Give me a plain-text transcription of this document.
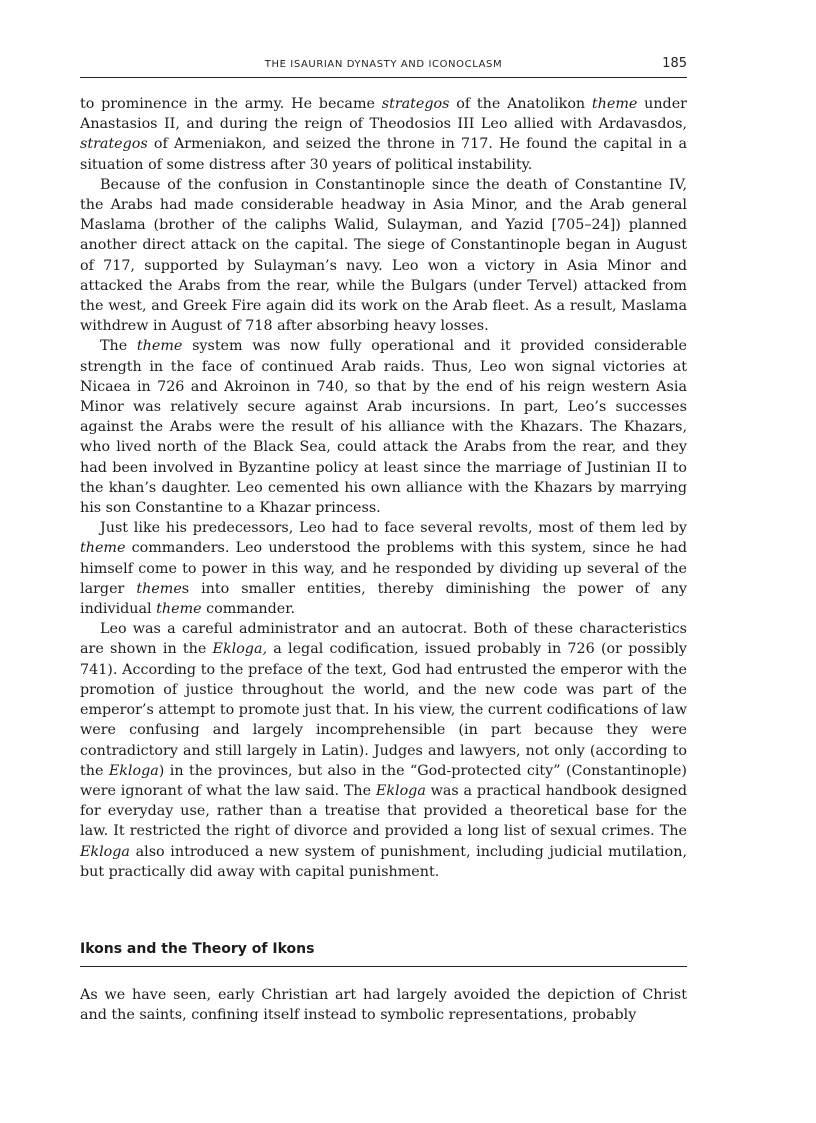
THE ISAURIAN DYNASTY AND ICONOCLASM	185

to prominence in the army. He became strategos of the Anatolikon theme under Anastasios II, and during the reign of Theodosios III Leo allied with Ardavasdos, strategos of Armeniakon, and seized the throne in 717. He found the capital in a situation of some distress after 30 years of political instability.

Because of the confusion in Constantinople since the death of Constantine IV, the Arabs had made considerable headway in Asia Minor, and the Arab general Maslama (brother of the caliphs Walid, Sulayman, and Yazid [705–24]) planned another direct attack on the capital. The siege of Constantinople began in August of 717, supported by Sulayman’s navy. Leo won a victory in Asia Minor and attacked the Arabs from the rear, while the Bulgars (under Tervel) attacked from the west, and Greek Fire again did its work on the Arab fleet. As a result, Maslama withdrew in August of 718 after absorbing heavy losses.

The theme system was now fully operational and it provided considerable strength in the face of continued Arab raids. Thus, Leo won signal victories at Nicaea in 726 and Akroinon in 740, so that by the end of his reign western Asia Minor was relatively secure against Arab incursions. In part, Leo’s successes against the Arabs were the result of his alliance with the Khazars. The Khazars, who lived north of the Black Sea, could attack the Arabs from the rear, and they had been involved in Byzantine policy at least since the marriage of Justinian II to the khan’s daughter. Leo cemented his own alliance with the Khazars by marrying his son Constantine to a Khazar princess.

Just like his predecessors, Leo had to face several revolts, most of them led by theme commanders. Leo understood the problems with this system, since he had himself come to power in this way, and he responded by dividing up several of the larger themes into smaller entities, thereby diminishing the power of any individual theme commander.

Leo was a careful administrator and an autocrat. Both of these characteristics are shown in the Ekloga, a legal codification, issued probably in 726 (or possibly 741). According to the preface of the text, God had entrusted the emperor with the promotion of justice throughout the world, and the new code was part of the emperor’s attempt to promote just that. In his view, the current codifications of law were confusing and largely incomprehensible (in part because they were contradictory and still largely in Latin). Judges and lawyers, not only (according to the Ekloga) in the provinces, but also in the “God-protected city” (Constantinople) were ignorant of what the law said. The Ekloga was a practical handbook designed for everyday use, rather than a treatise that provided a theoretical base for the law. It restricted the right of divorce and provided a long list of sexual crimes. The Ekloga also introduced a new system of punishment, including judicial mutilation, but practically did away with capital punishment.

Ikons and the Theory of Ikons

As we have seen, early Christian art had largely avoided the depiction of Christ and the saints, confining itself instead to symbolic representations, probably
